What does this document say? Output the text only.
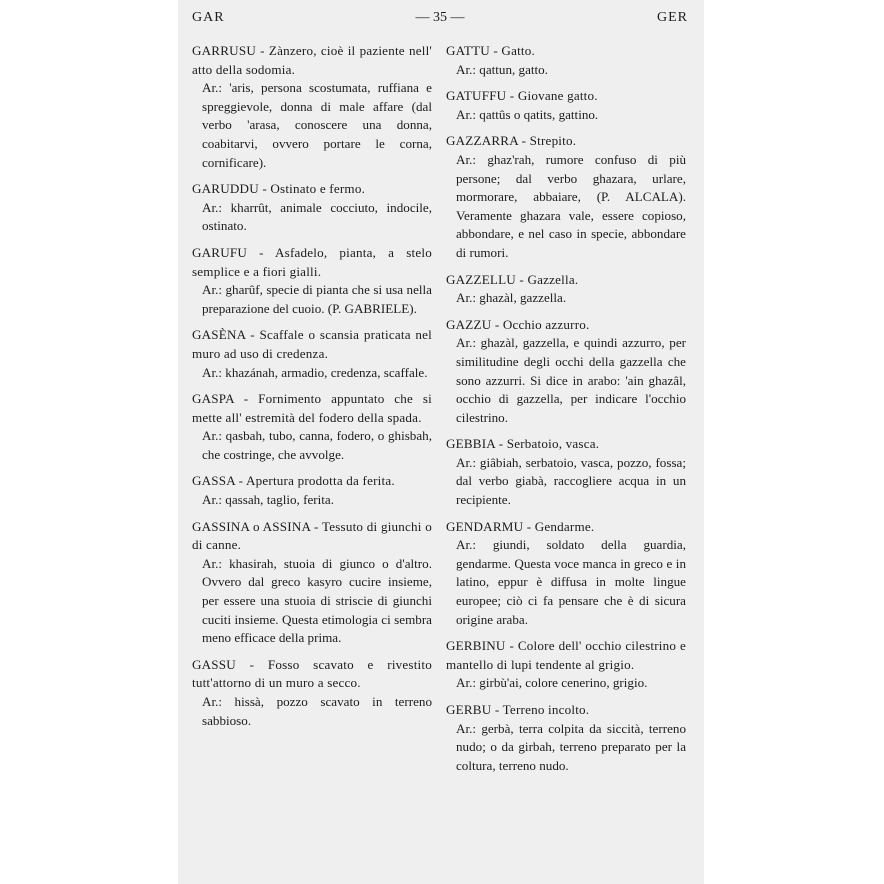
GAR	— 35 —	GER
GARRUSU - Zànzero, cioè il paziente nell' atto della sodomia.

Ar.: 'aris, persona scostumata, ruffiana e spreggievole, donna di male affare (dal verbo 'arasa, conoscere una donna, coabitarvi, ovvero portare le corna, cornificare).

GARUDDU - Ostinato e fermo.

Ar.: kharrût, animale cocciuto, indocile, ostinato.

GARUFU - Asfadelo, pianta, a stelo semplice e a fiori gialli.

Ar.: gharûf, specie di pianta che si usa nella preparazione del cuoio. (P. GABRIELE).

GASÈNA - Scaffale o scansia praticata nel muro ad uso di credenza.

Ar.: khazánah, armadio, credenza, scaffale.

GASPA - Fornimento appuntato che si mette all' estremità del fodero della spada.

Ar.: qasbah, tubo, canna, fodero, o ghisbah, che costringe, che avvolge.

GASSA - Apertura prodotta da ferita.

Ar.: qassah, taglio, ferita.

GASSINA o ASSINA - Tessuto di giunchi o di canne.

Ar.: khasirah, stuoia di giunco o d'altro. Ovvero dal greco kasyro cucire insieme, per essere una stuoia di striscie di giunchi cuciti insieme. Questa etimologia ci sembra meno efficace della prima.

GASSU - Fosso scavato e rivestito tutt'attorno di un muro a secco.

Ar.: hissà, pozzo scavato in terreno sabbioso.

GATTU - Gatto.

Ar.: qattun, gatto.

GATUFFU - Giovane gatto.

Ar.: qattûs o qatits, gattino.

GAZZARRA - Strepito.

Ar.: ghaz'rah, rumore confuso di più persone; dal verbo ghazara, urlare, mormorare, abbaiare, (P. ALCALA). Veramente ghazara vale, essere copioso, abbondare, e nel caso in specie, abbondare di rumori.

GAZZELLU - Gazzella.

Ar.: ghazàl, gazzella.

GAZZU - Occhio azzurro.

Ar.: ghazàl, gazzella, e quindi azzurro, per similitudine degli occhi della gazzella che sono azzurri. Si dice in arabo: 'ain ghazâl, occhio di gazzella, per indicare l'occhio cilestrino.

GEBBIA - Serbatoio, vasca.

Ar.: giâbiah, serbatoio, vasca, pozzo, fossa; dal verbo giabà, raccogliere acqua in un recipiente.

GENDARMU - Gendarme.

Ar.: giundi, soldato della guardia, gendarme. Questa voce manca in greco e in latino, eppur è diffusa in molte lingue europee; ciò ci fa pensare che è di sicura origine araba.

GERBINU - Colore dell' occhio cilestrino e mantello di lupi tendente al grigio.

Ar.: girbù'ai, colore cenerino, grigio.

GERBU - Terreno incolto.

Ar.: gerbà, terra colpita da siccità, terreno nudo; o da girbah, terreno preparato per la coltura, terreno nudo.
